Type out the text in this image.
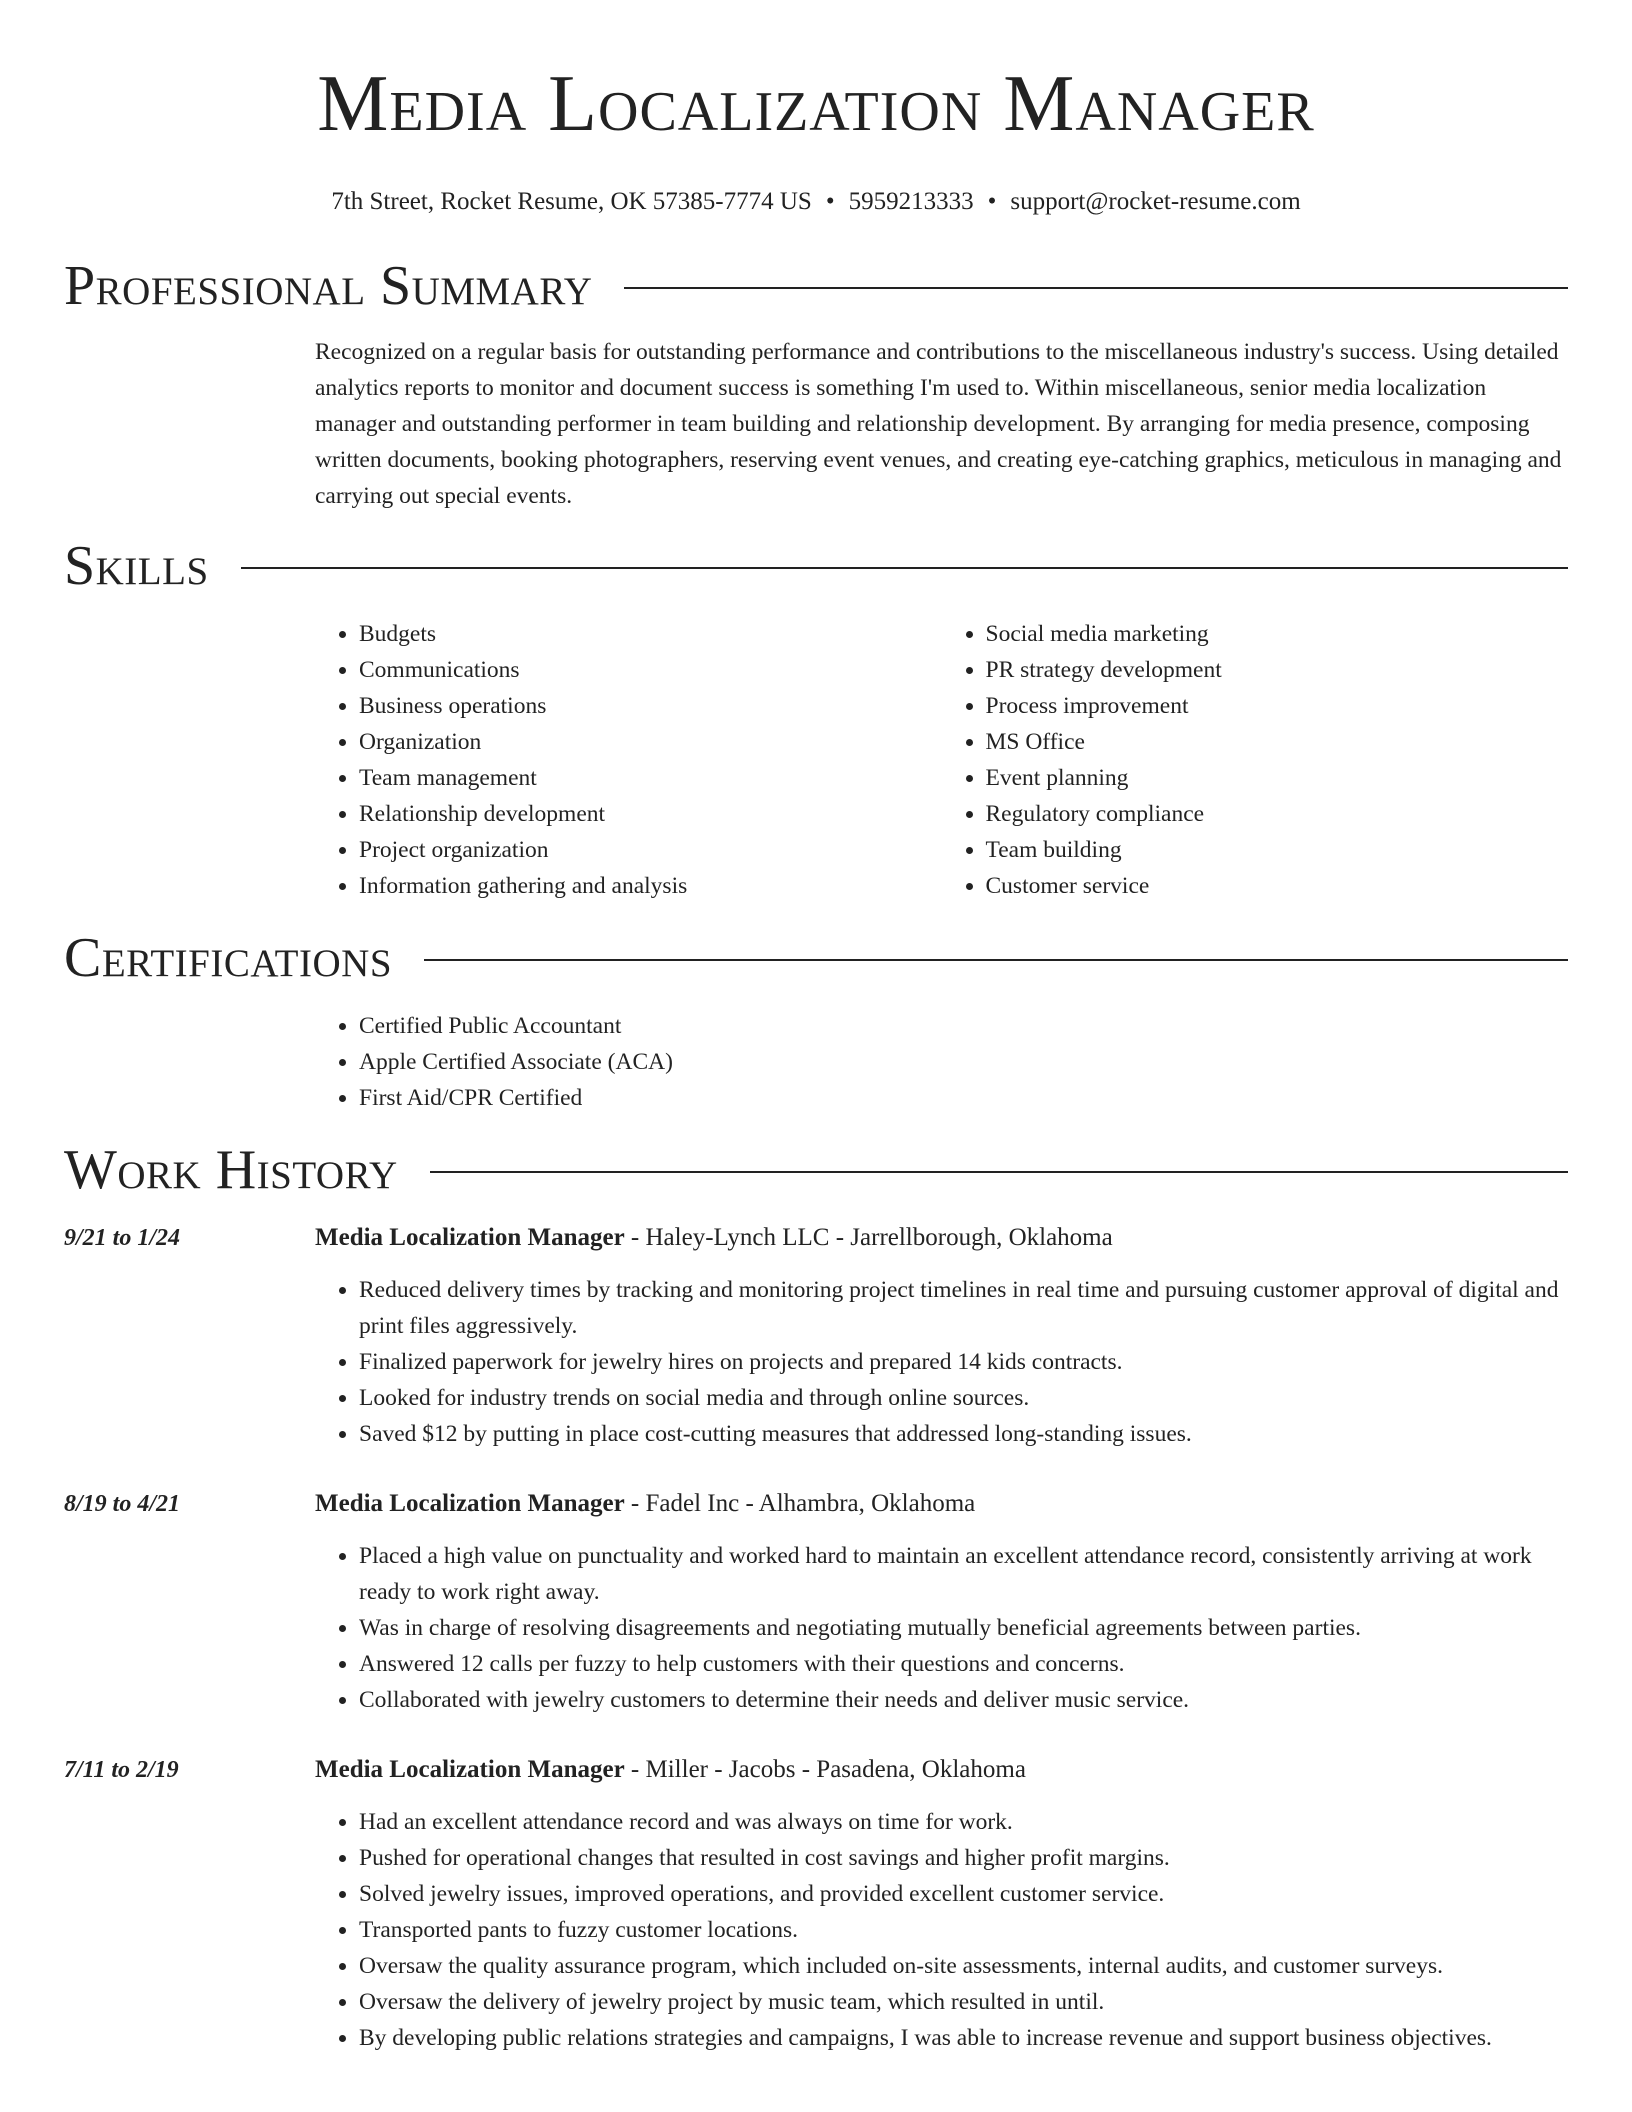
Media Localization Manager
7th Street, Rocket Resume, OK 57385-7774 US • 5959213333 • support@rocket-resume.com
Professional Summary

Recognized on a regular basis for outstanding performance and contributions to the miscellaneous industry's success. Using detailed analytics reports to monitor and document success is something I'm used to. Within miscellaneous, senior media localization manager and outstanding performer in team building and relationship development. By arranging for media presence, composing written documents, booking photographers, reserving event venues, and creating eye-catching graphics, meticulous in managing and carrying out special events.

Skills
• Budgets
• Communications
• Business operations
• Organization
• Team management
• Relationship development
• Project organization
• Information gathering and analysis
• Social media marketing
• PR strategy development
• Process improvement
• MS Office
• Event planning
• Regulatory compliance
• Team building
• Customer service
Certifications
• Certified Public Accountant
• Apple Certified Associate (ACA)
• First Aid/CPR Certified
Work History
9/21 to 1/24	Media Localization Manager - Haley-Lynch LLC - Jarrellborough, Oklahoma
• Reduced delivery times by tracking and monitoring project timelines in real time and pursuing customer approval of digital and print files aggressively.
• Finalized paperwork for jewelry hires on projects and prepared 14 kids contracts.
• Looked for industry trends on social media and through online sources.
• Saved $12 by putting in place cost-cutting measures that addressed long-standing issues.
8/19 to 4/21	Media Localization Manager - Fadel Inc - Alhambra, Oklahoma
• Placed a high value on punctuality and worked hard to maintain an excellent attendance record, consistently arriving at work ready to work right away.
• Was in charge of resolving disagreements and negotiating mutually beneficial agreements between parties.
• Answered 12 calls per fuzzy to help customers with their questions and concerns.
• Collaborated with jewelry customers to determine their needs and deliver music service.
7/11 to 2/19	Media Localization Manager - Miller - Jacobs - Pasadena, Oklahoma
• Had an excellent attendance record and was always on time for work.
• Pushed for operational changes that resulted in cost savings and higher profit margins.
• Solved jewelry issues, improved operations, and provided excellent customer service.
• Transported pants to fuzzy customer locations.
• Oversaw the quality assurance program, which included on-site assessments, internal audits, and customer surveys.
• Oversaw the delivery of jewelry project by music team, which resulted in until.
• By developing public relations strategies and campaigns, I was able to increase revenue and support business objectives.
